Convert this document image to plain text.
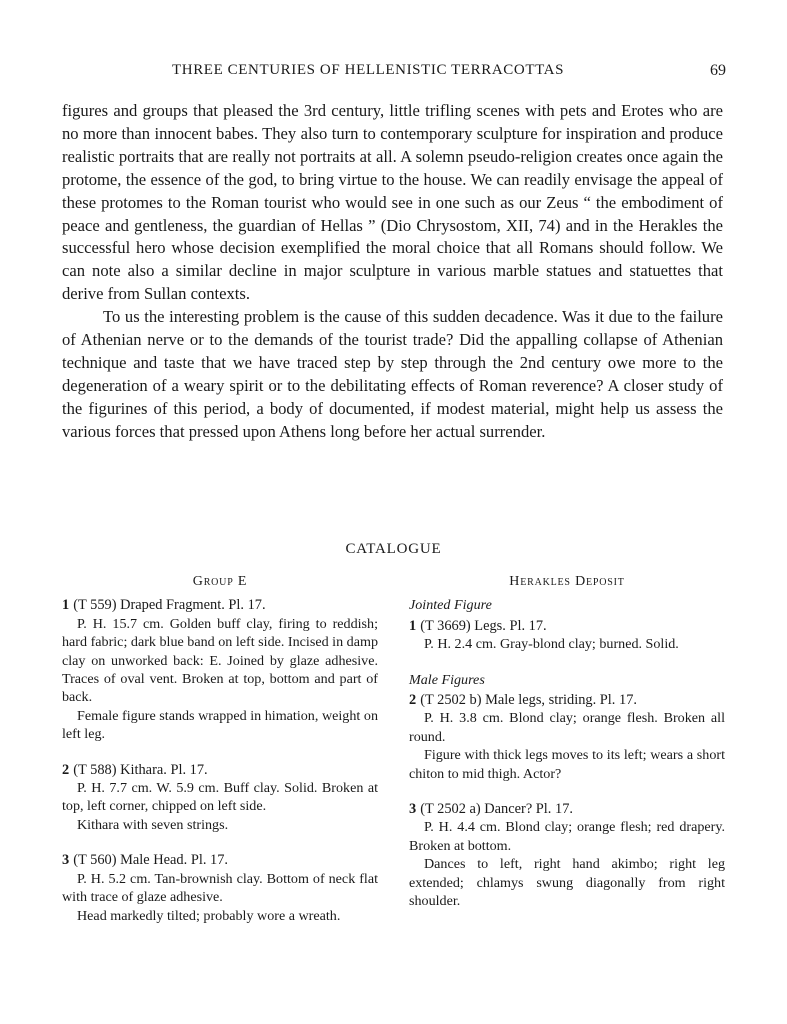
THREE CENTURIES OF HELLENISTIC TERRACOTTAS	69

figures and groups that pleased the 3rd century, little trifling scenes with pets and Erotes who are no more than innocent babes. They also turn to contemporary sculpture for inspiration and produce realistic portraits that are really not portraits at all. A solemn pseudo-religion creates once again the protome, the essence of the god, to bring virtue to the house. We can readily envisage the appeal of these protomes to the Roman tourist who would see in one such as our Zeus “ the embodiment of peace and gentleness, the guardian of Hellas ” (Dio Chrysostom, XII, 74) and in the Herakles the successful hero whose decision exemplified the moral choice that all Romans should follow. We can note also a similar decline in major sculpture in various marble statues and statuettes that derive from Sullan contexts.

To us the interesting problem is the cause of this sudden decadence. Was it due to the failure of Athenian nerve or to the demands of the tourist trade? Did the appalling collapse of Athenian technique and taste that we have traced step by step through the 2nd century owe more to the degeneration of a weary spirit or to the debilitating effects of Roman reverence? A closer study of the figurines of this period, a body of documented, if modest material, might help us assess the various forces that pressed upon Athens long before her actual surrender.

CATALOGUE
Group E

1 (T 559) Draped Fragment. Pl. 17.

P. H. 15.7 cm. Golden buff clay, firing to reddish; hard fabric; dark blue band on left side. Incised in damp clay on unworked back: E. Joined by glaze adhesive. Traces of oval vent. Broken at top, bottom and part of back.

Female figure stands wrapped in himation, weight on left leg.

2 (T 588) Kithara. Pl. 17.

P. H. 7.7 cm. W. 5.9 cm. Buff clay. Solid. Broken at top, left corner, chipped on left side.

Kithara with seven strings.

3 (T 560) Male Head. Pl. 17.

P. H. 5.2 cm. Tan-brownish clay. Bottom of neck flat with trace of glaze adhesive.

Head markedly tilted; probably wore a wreath.

Herakles Deposit
Jointed Figure

1 (T 3669) Legs. Pl. 17.

P. H. 2.4 cm. Gray-blond clay; burned. Solid.

Male Figures

2 (T 2502 b) Male legs, striding. Pl. 17.

P. H. 3.8 cm. Blond clay; orange flesh. Broken all round.

Figure with thick legs moves to its left; wears a short chiton to mid thigh. Actor?

3 (T 2502 a) Dancer? Pl. 17.

P. H. 4.4 cm. Blond clay; orange flesh; red drapery. Broken at bottom.

Dances to left, right hand akimbo; right leg extended; chlamys swung diagonally from right shoulder.
